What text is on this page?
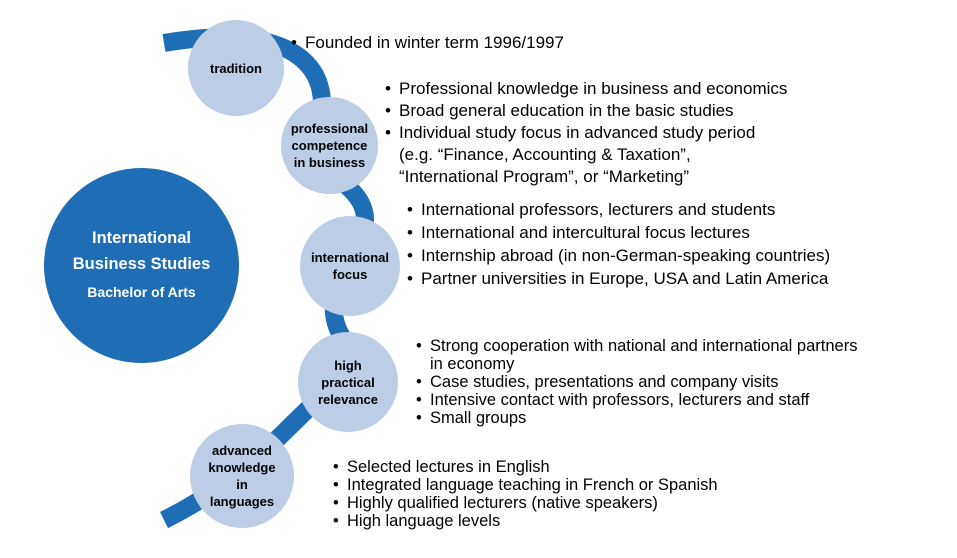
International
Business Studies
Bachelor of Arts
tradition
professional
competence
in business
international
focus
high
practical
relevance
advanced
knowledge
in
languages
• Founded in winter term 1996/1997
• Professional knowledge in business and economics
• Broad general education in the basic studies
• Individual study focus in advanced study period (e.g. “Finance, Accounting & Taxation”, “International Program”, or “Marketing”
• International professors, lecturers and students
• International and intercultural focus lectures
• Internship abroad (in non-German-speaking countries)
• Partner universities in Europe, USA and Latin America
• Strong cooperation with national and international partners in economy
• Case studies, presentations and company visits
• Intensive contact with professors, lecturers and staff
• Small groups
• Selected lectures in English
• Integrated language teaching in French or Spanish
• Highly qualified lecturers (native speakers)
• High language levels
